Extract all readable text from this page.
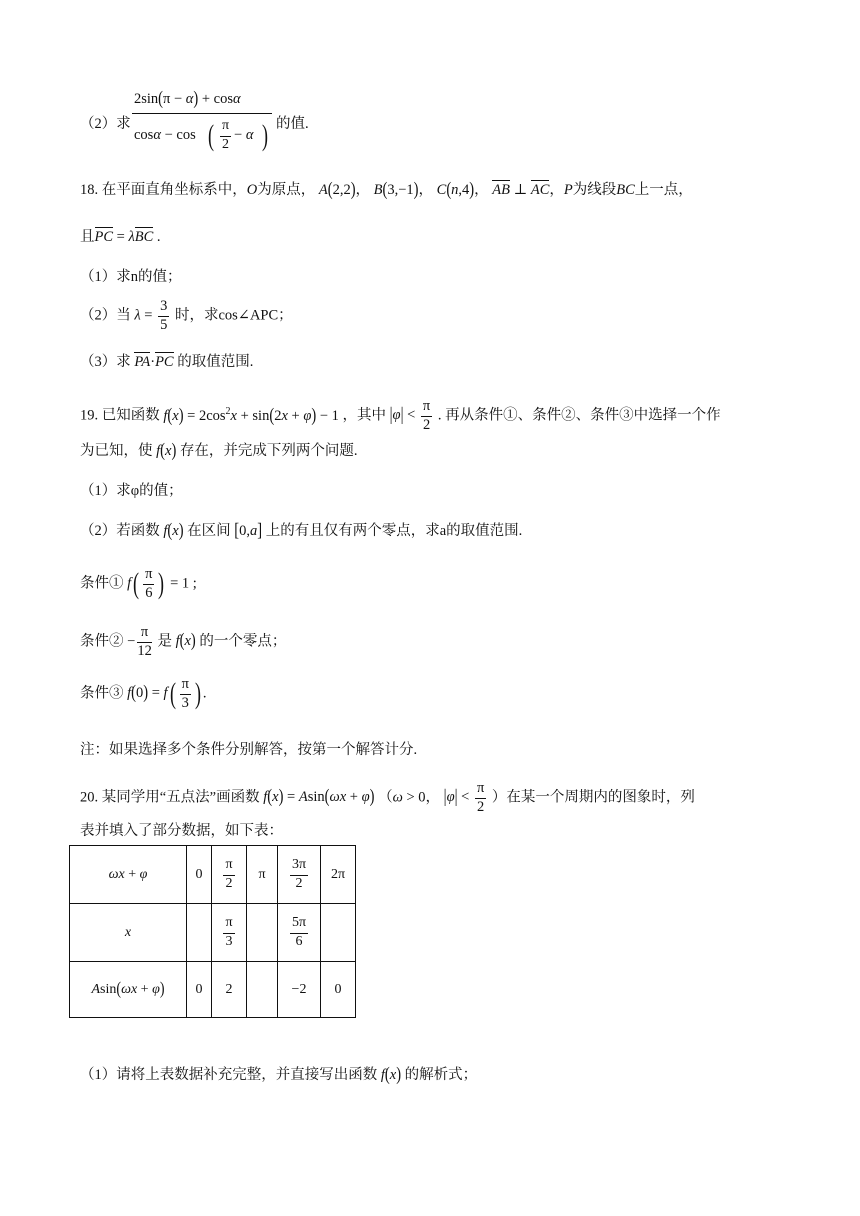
（2）求
2sin(π − α) + cosα
cosα − cos ( π
2
− α ) 的值.
18. 在平面直角坐标系中，O为原点， A(2,2)， B(3,−1)， C(n,4)， AB ⊥ AC，P为线段BC上一点，
且PC = λBC .
（1）求n的值；
（2）当 $\lambda = \frac{3}{5}$ 时，求cos∠APC；
（3）求 PA·PC 的取值范围.
19. 已知函数 $f(x) = 2\cos^2x + \sin(2x + \varphi) - 1$ ，其中 $|\varphi| < \frac{\pi}{2}$ . 再从条件①、条件②、条件③中选择一个作
为已知，使 f(x) 存在，并完成下列两个问题.
（1）求φ的值；
（2）若函数 f(x) 在区间 [0,a] 上的有且仅有两个零点，求a的取值范围.
条件① $f( \frac{\pi}{6}$ ) = 1 ;
条件② − $\frac{\pi}{12}$ 是 f(x) 的一个零点；
条件③ $f(0) = f( \frac{\pi}{3}$ ) .
注：如果选择多个条件分别解答，按第一个解答计分.
20. 某同学用“五点法”画函数 f(x) = Asin(ωx + φ) （ω > 0， $|\varphi| < \frac{\pi}{2}$ ）在某一个周期内的图象时，列
表并填入了部分数据，如下表：
ωx + φ	0	$\frac{\pi}{2}$	π	$\frac{3\pi}{2}$	2π
x		$\frac{\pi}{3}$		$\frac{5\pi}{6}$

Asin(ωx + φ)	0	2		−2	0
（1）请将上表数据补充完整，并直接写出函数 f(x) 的解析式；
